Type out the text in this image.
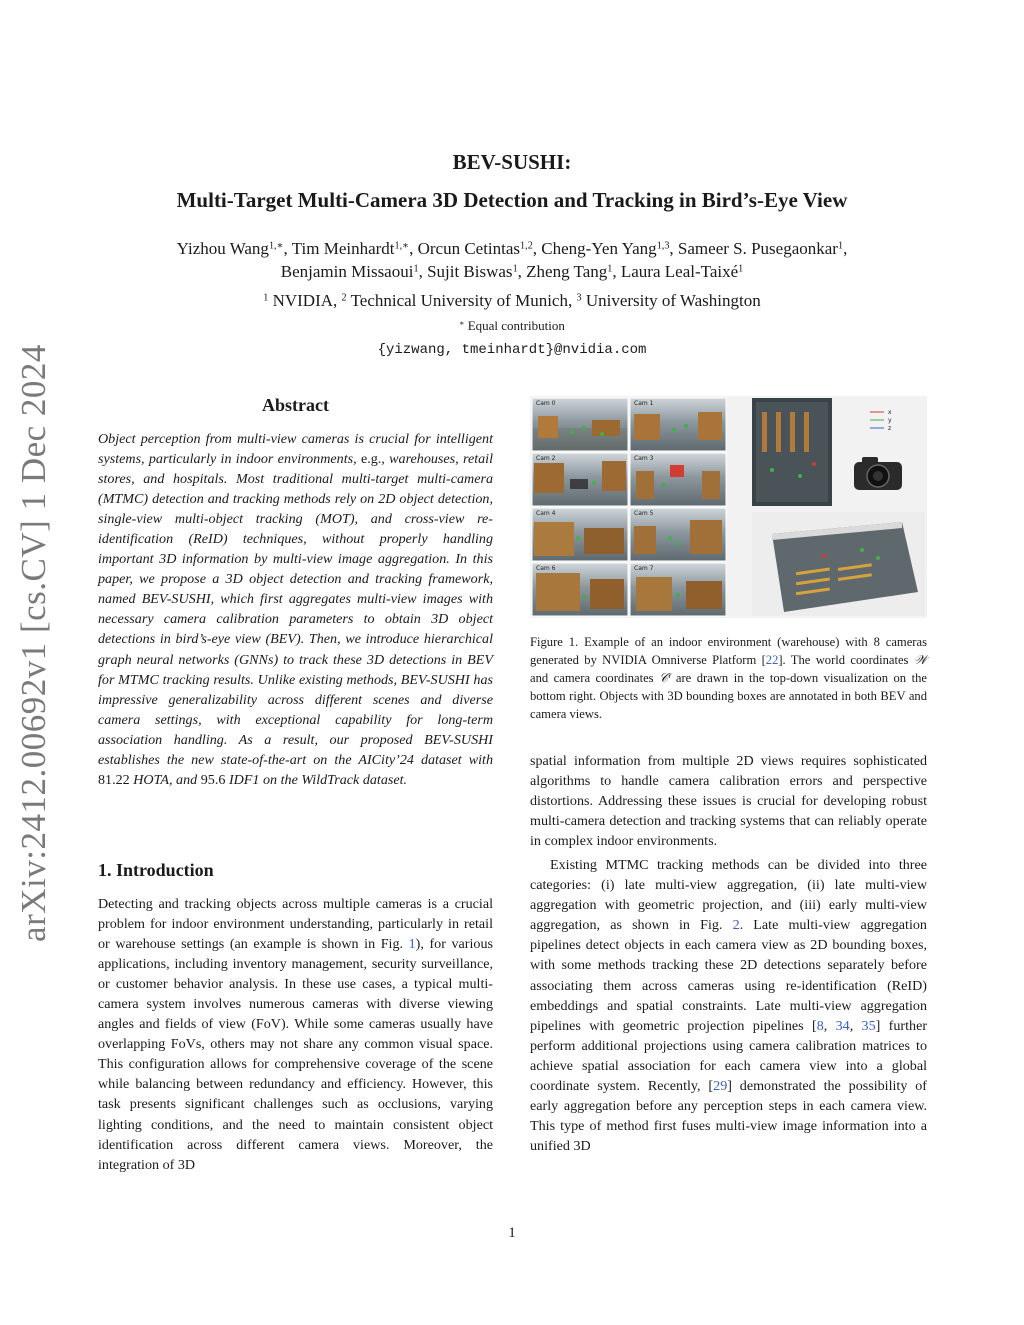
arXiv:2412.00692v1 [cs.CV] 1 Dec 2024
BEV-SUSHI:
Multi-Target Multi-Camera 3D Detection and Tracking in Bird’s-Eye View
Yizhou Wang$^{1,∗}$, Tim Meinhardt$^{1,∗}$, Orcun Cetintas$^{1,2}$, Cheng-Yen Yang$^{1,3}$, Sameer S. Pusegaonkar$^1$,
Benjamin Missaoui$^1$, Sujit Biswas$^1$, Zheng Tang$^1$, Laura Leal-Taixé$^1$
$^1$ NVIDIA, $^2$ Technical University of Munich, $^3$ University of Washington
∗ Equal contribution
{yizwang, tmeinhardt}@nvidia.com
Abstract

Object perception from multi-view cameras is crucial for intelligent systems, particularly in indoor environments, e.g., warehouses, retail stores, and hospitals. Most traditional multi-target multi-camera (MTMC) detection and tracking methods rely on 2D object detection, single-view multi-object tracking (MOT), and cross-view re-identification (ReID) techniques, without properly handling important 3D information by multi-view image aggregation. In this paper, we propose a 3D object detection and tracking framework, named BEV-SUSHI, which first aggregates multi-view images with necessary camera calibration parameters to obtain 3D object detections in bird’s-eye view (BEV). Then, we introduce hierarchical graph neural networks (GNNs) to track these 3D detections in BEV for MTMC tracking results. Unlike existing methods, BEV-SUSHI has impressive generalizability across different scenes and diverse camera settings, with exceptional capability for long-term association handling. As a result, our proposed BEV-SUSHI establishes the new state-of-the-art on the AICity’24 dataset with 81.22 HOTA, and 95.6 IDF1 on the WildTrack dataset.

1. Introduction

Detecting and tracking objects across multiple cameras is a crucial problem for indoor environment understanding, particularly in retail or warehouse settings (an example is shown in Fig. 1), for various applications, including inventory management, security surveillance, or customer behavior analysis. In these use cases, a typical multi-camera system involves numerous cameras with diverse viewing angles and fields of view (FoV). While some cameras usually have overlapping FoVs, others may not share any common visual space. This configuration allows for comprehensive coverage of the scene while balancing between redundancy and efficiency. However, this task presents significant challenges such as occlusions, varying lighting conditions, and the need to maintain consistent object identification across different camera views. Moreover, the integration of 3D

Cam 0	Cam 1
Cam 2	Cam 3
Cam 4	Cam 5
Cam 6	Cam 7
x
y
z
Figure 1. Example of an indoor environment (warehouse) with 8 cameras generated by NVIDIA Omniverse Platform [22]. The world coordinates 𝒲 and camera coordinates 𝒞$^i$ are drawn in the top-down visualization on the bottom right. Objects with 3D bounding boxes are annotated in both BEV and camera views.

spatial information from multiple 2D views requires sophisticated algorithms to handle camera calibration errors and perspective distortions. Addressing these issues is crucial for developing robust multi-camera detection and tracking systems that can reliably operate in complex indoor environments.

Existing MTMC tracking methods can be divided into three categories: (i) late multi-view aggregation, (ii) late multi-view aggregation with geometric projection, and (iii) early multi-view aggregation, as shown in Fig. 2. Late multi-view aggregation pipelines detect objects in each camera view as 2D bounding boxes, with some methods tracking these 2D detections separately before associating them across cameras using re-identification (ReID) embeddings and spatial constraints. Late multi-view aggregation pipelines with geometric projection pipelines [8, 34, 35] further perform additional projections using camera calibration matrices to achieve spatial association for each camera view into a global coordinate system. Recently, [29] demonstrated the possibility of early aggregation before any perception steps in each camera view. This type of method first fuses multi-view image information into a unified 3D

1
